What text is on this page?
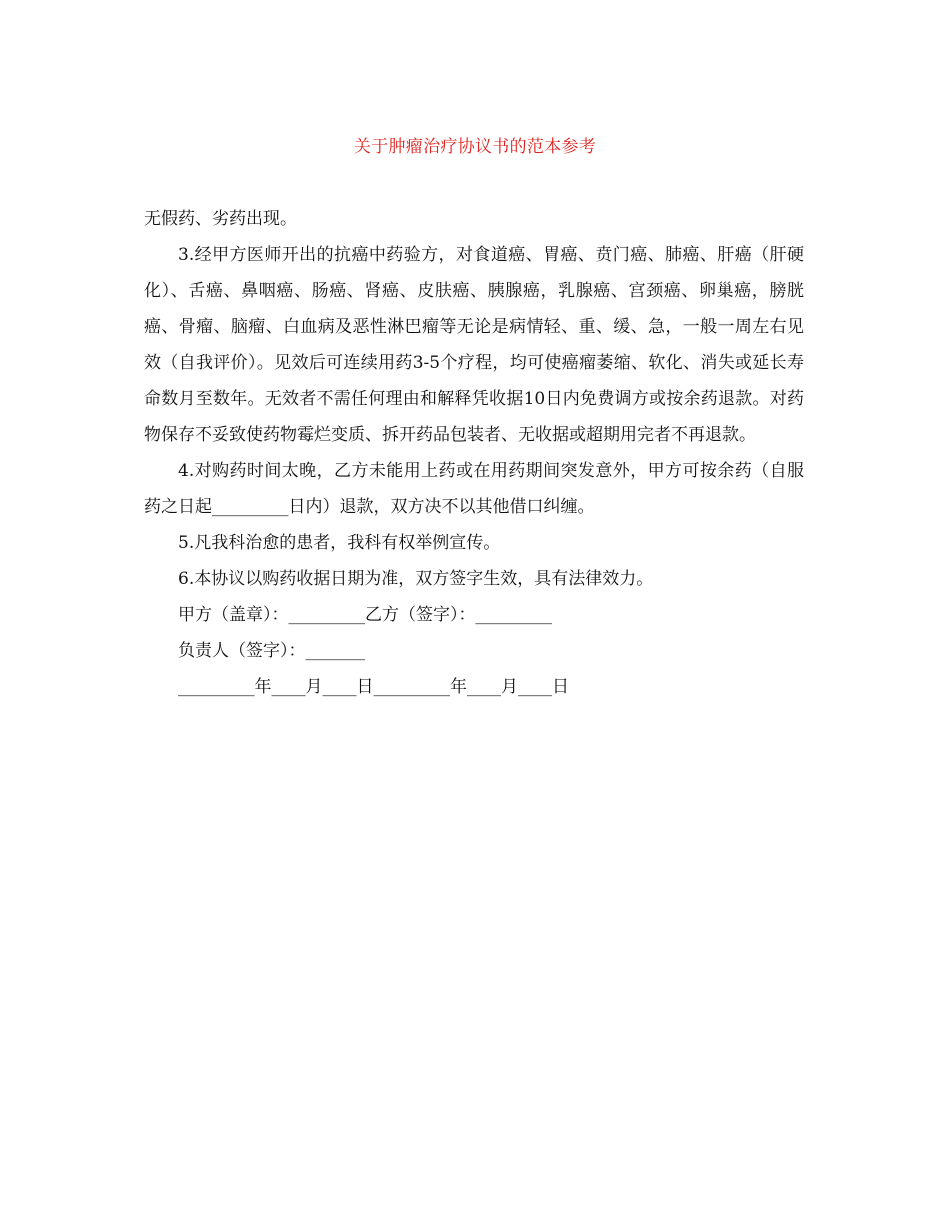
关于肿瘤治疗协议书的范本参考

无假药、劣药出现。

3.经甲方医师开出的抗癌中药验方，对食道癌、胃癌、贲门癌、肺癌、肝癌（肝硬化）、舌癌、鼻咽癌、肠癌、肾癌、皮肤癌、胰腺癌，乳腺癌、宫颈癌、卵巢癌，膀胱癌、骨瘤、脑瘤、白血病及恶性淋巴瘤等无论是病情轻、重、缓、急，一般一周左右见效（自我评价）。见效后可连续用药3-5个疗程，均可使癌瘤萎缩、软化、消失或延长寿命数月至数年。无效者不需任何理由和解释凭收据10日内免费调方或按余药退款。对药物保存不妥致使药物霉烂变质、拆开药品包装者、无收据或超期用完者不再退款。

4.对购药时间太晚，乙方未能用上药或在用药期间突发意外，甲方可按余药（自服药之日起_________日内）退款，双方决不以其他借口纠缠。

5.凡我科治愈的患者，我科有权举例宣传。

6.本协议以购药收据日期为准，双方签字生效，具有法律效力。

甲方（盖章）：_________乙方（签字）：_________

负责人（签字）：_______

_________年____月____日_________年____月____日
